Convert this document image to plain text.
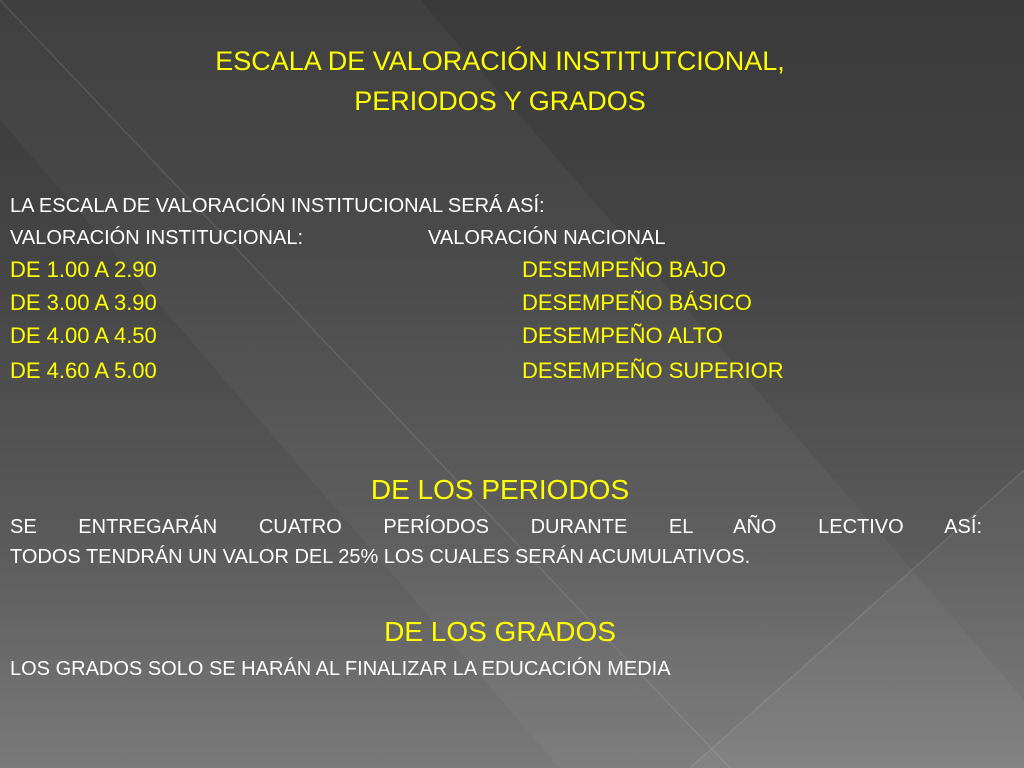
ESCALA DE VALORACIÓN INSTITUTCIONAL,
PERIODOS Y GRADOS
LA ESCALA DE VALORACIÓN INSTITUCIONAL SERÁ ASÍ:
VALORACIÓN INSTITUCIONAL:	VALORACIÓN NACIONAL
DE 1.00 A 2.90	DESEMPEÑO BAJO
DE 3.00 A 3.90	DESEMPEÑO BÁSICO
DE 4.00 A 4.50	DESEMPEÑO ALTO
DE 4.60 A 5.00	DESEMPEÑO SUPERIOR
DE LOS PERIODOS
SE ENTREGARÁN CUATRO PERÍODOS DURANTE EL AÑO LECTIVO ASÍ:
TODOS TENDRÁN UN VALOR DEL 25% LOS CUALES SERÁN ACUMULATIVOS.
DE LOS GRADOS
LOS GRADOS SOLO SE HARÁN AL FINALIZAR LA EDUCACIÓN MEDIA
